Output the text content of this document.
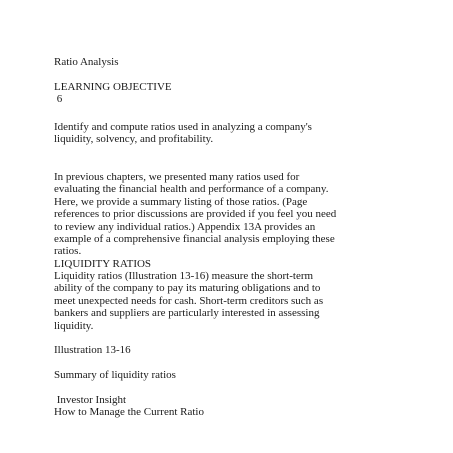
Ratio Analysis

LEARNING OBJECTIVE

6

Identify and compute ratios used in analyzing a company's
liquidity, solvency, and profitability.
In previous chapters, we presented many ratios used for
evaluating the financial health and performance of a company.
Here, we provide a summary listing of those ratios. (Page
references to prior discussions are provided if you feel you need
to review any individual ratios.) Appendix 13A provides an
example of a comprehensive financial analysis employing these
ratios.

LIQUIDITY RATIOS

Liquidity ratios (Illustration 13-16) measure the short-term
ability of the company to pay its maturing obligations and to
meet unexpected needs for cash. Short-term creditors such as
bankers and suppliers are particularly interested in assessing
liquidity.

Illustration 13-16

Summary of liquidity ratios

Investor Insight

How to Manage the Current Ratio
